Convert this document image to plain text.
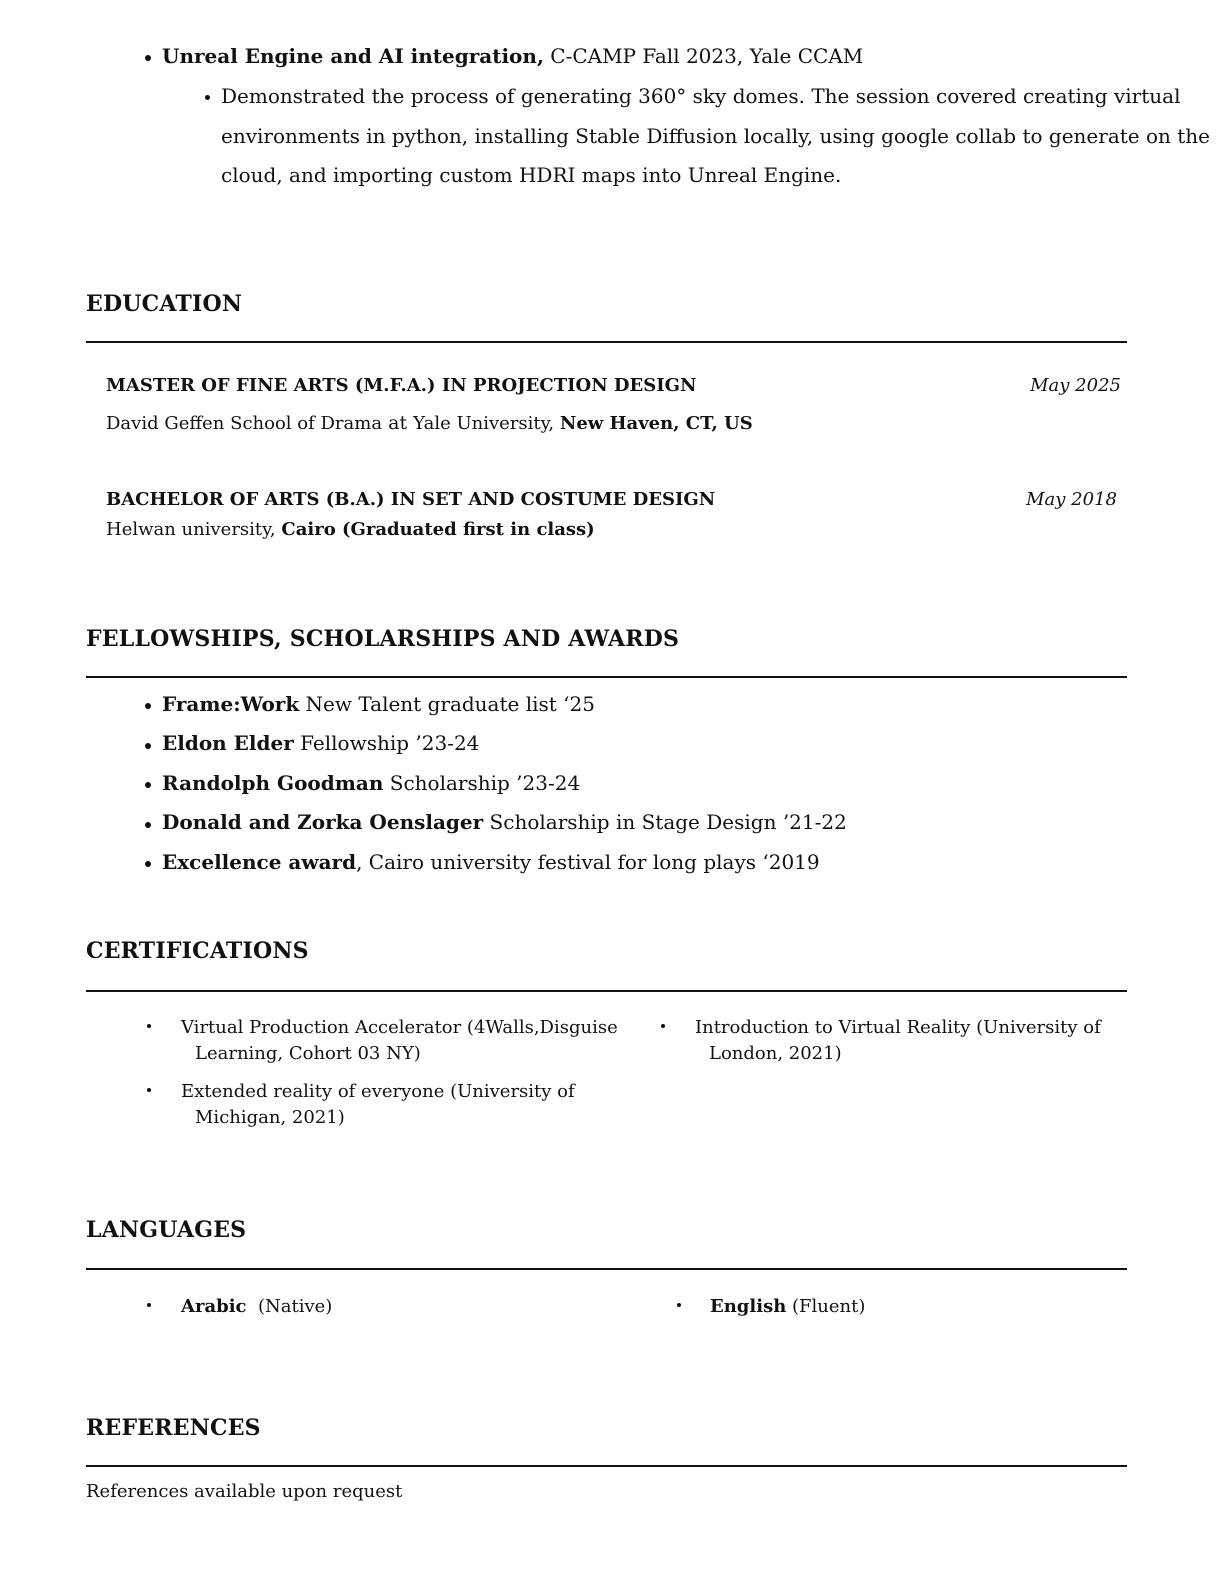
Unreal Engine and AI integration, C-CAMP Fall 2023, Yale CCAM
Demonstrated the process of generating 360° sky domes. The session covered creating virtual
environments in python, installing Stable Diffusion locally, using google collab to generate on the
cloud, and importing custom HDRI maps into Unreal Engine.
EDUCATION
MASTER OF FINE ARTS (M.F.A.) IN PROJECTION DESIGN	May 2025
David Geffen School of Drama at Yale University, New Haven, CT, US
BACHELOR OF ARTS (B.A.) IN SET AND COSTUME DESIGN	May 2018
Helwan university, Cairo (Graduated first in class)
FELLOWSHIPS, SCHOLARSHIPS AND AWARDS
Frame:Work New Talent graduate list ‘25
Eldon Elder Fellowship ’23-24
Randolph Goodman Scholarship ’23-24
Donald and Zorka Oenslager Scholarship in Stage Design ’21-22
Excellence award, Cairo university festival for long plays ‘2019
CERTIFICATIONS
Virtual Production Accelerator (4Walls,Disguise
Learning, Cohort 03 NY)
Introduction to Virtual Reality (University of
London, 2021)
Extended reality of everyone (University of
Michigan, 2021)
LANGUAGES
Arabic (Native)	English (Fluent)
REFERENCES
References available upon request
